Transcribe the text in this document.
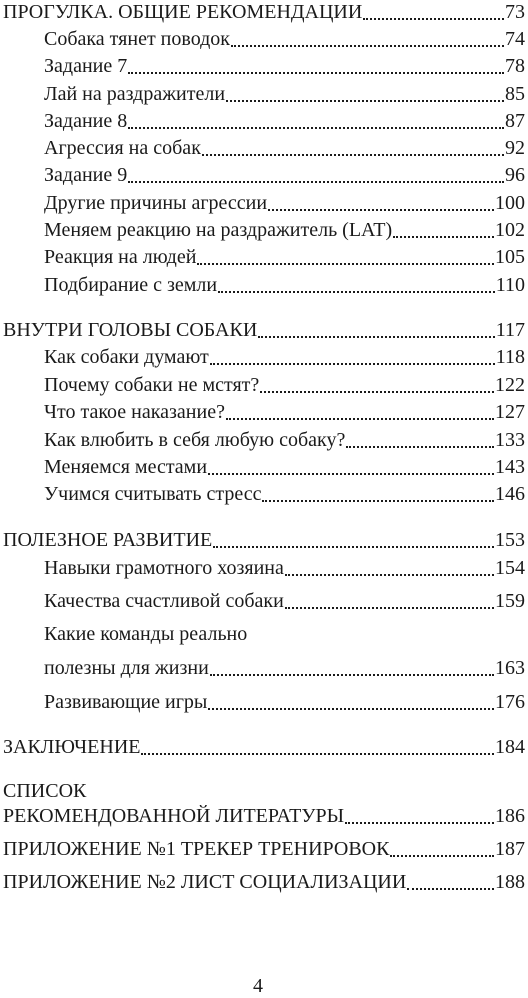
ПРОГУЛКА. ОБЩИЕ РЕКОМЕНДАЦИИ	73
Собака тянет поводок	74
Задание 7	78
Лай на раздражители	85
Задание 8	87
Агрессия на собак	92
Задание 9	96
Другие причины агрессии	100
Меняем реакцию на раздражитель (LAT)	102
Реакция на людей	105
Подбирание с земли	110
ВНУТРИ ГОЛОВЫ СОБАКИ	117
Как собаки думают	118
Почему собаки не мстят?	122
Что такое наказание?	127
Как влюбить в себя любую собаку?	133
Меняемся местами	143
Учимся считывать стресс	146
ПОЛЕЗНОЕ РАЗВИТИЕ	153
Навыки грамотного хозяина	154
Качества счастливой собаки	159
Какие команды реально
полезны для жизни	163
Развивающие игры	176
ЗАКЛЮЧЕНИЕ	184
СПИСОК
РЕКОМЕНДОВАННОЙ ЛИТЕРАТУРЫ	186
ПРИЛОЖЕНИЕ №1 ТРЕКЕР ТРЕНИРОВОК	187
ПРИЛОЖЕНИЕ №2 ЛИСТ СОЦИАЛИЗАЦИИ	188
4
